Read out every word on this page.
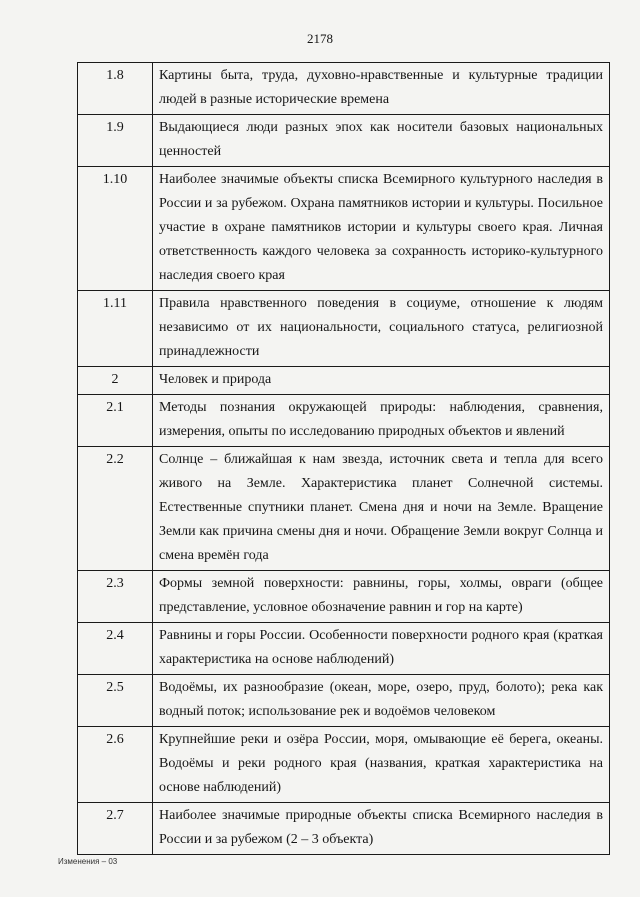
2178
1.8	Картины быта, труда, духовно-нравственные и культурные традиции людей в разные исторические времена
1.9	Выдающиеся люди разных эпох как носители базовых национальных ценностей
1.10	Наиболее значимые объекты списка Всемирного культурного наследия в России и за рубежом. Охрана памятников истории и культуры. Посильное участие в охране памятников истории и культуры своего края. Личная ответственность каждого человека за сохранность историко-культурного наследия своего края
1.11	Правила нравственного поведения в социуме, отношение к людям независимо от их национальности, социального статуса, религиозной принадлежности
2	Человек и природа
2.1	Методы познания окружающей природы: наблюдения, сравнения, измерения, опыты по исследованию природных объектов и явлений
2.2	Солнце – ближайшая к нам звезда, источник света и тепла для всего живого на Земле. Характеристика планет Солнечной системы. Естественные спутники планет. Смена дня и ночи на Земле. Вращение Земли как причина смены дня и ночи. Обращение Земли вокруг Солнца и смена времён года
2.3	Формы земной поверхности: равнины, горы, холмы, овраги (общее представление, условное обозначение равнин и гор на карте)
2.4	Равнины и горы России. Особенности поверхности родного края (краткая характеристика на основе наблюдений)
2.5	Водоёмы, их разнообразие (океан, море, озеро, пруд, болото); река как водный поток; использование рек и водоёмов человеком
2.6	Крупнейшие реки и озёра России, моря, омывающие её берега, океаны. Водоёмы и реки родного края (названия, краткая характеристика на основе наблюдений)
2.7	Наиболее значимые природные объекты списка Всемирного наследия в России и за рубежом (2 – 3 объекта)
Изменения – 03
